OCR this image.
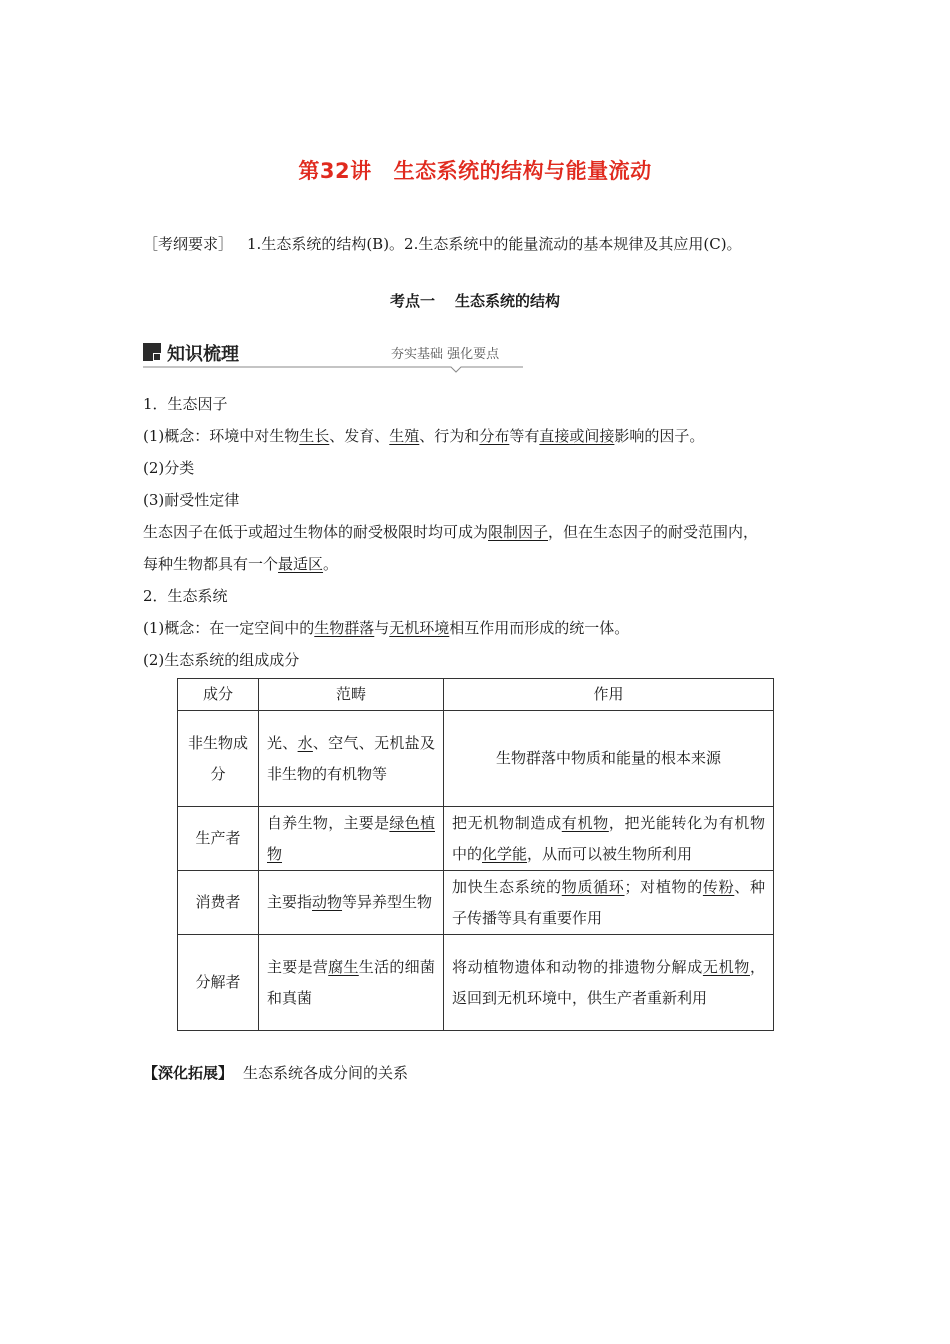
第32讲 生态系统的结构与能量流动
［考纲要求］ 1.生态系统的结构(B)。2.生态系统中的能量流动的基本规律及其应用(C)。
考点一 生态系统的结构
知识梳理	夯实基础 强化要点
1．生态因子
(1)概念：环境中对生物生长、发育、生殖、行为和分布等有直接或间接影响的因子。
(2)分类
(3)耐受性定律
生态因子在低于或超过生物体的耐受极限时均可成为限制因子，但在生态因子的耐受范围内，
每种生物都具有一个最适区。
2．生态系统
(1)概念：在一定空间中的生物群落与无机环境相互作用而形成的统一体。
(2)生态系统的组成成分
成分	范畴	作用
非生物成分	光、水、空气、无机盐及非生物的有机物等	生物群落中物质和能量的根本来源
生产者	自养生物，主要是绿色植物	把无机物制造成有机物，把光能转化为有机物中的化学能，从而可以被生物所利用
消费者	主要指动物等异养型生物	加快生态系统的物质循环；对植物的传粉、种子传播等具有重要作用
分解者	主要是营腐生生活的细菌和真菌	将动植物遗体和动物的排遗物分解成无机物，返回到无机环境中，供生产者重新利用
【深化拓展】 生态系统各成分间的关系
